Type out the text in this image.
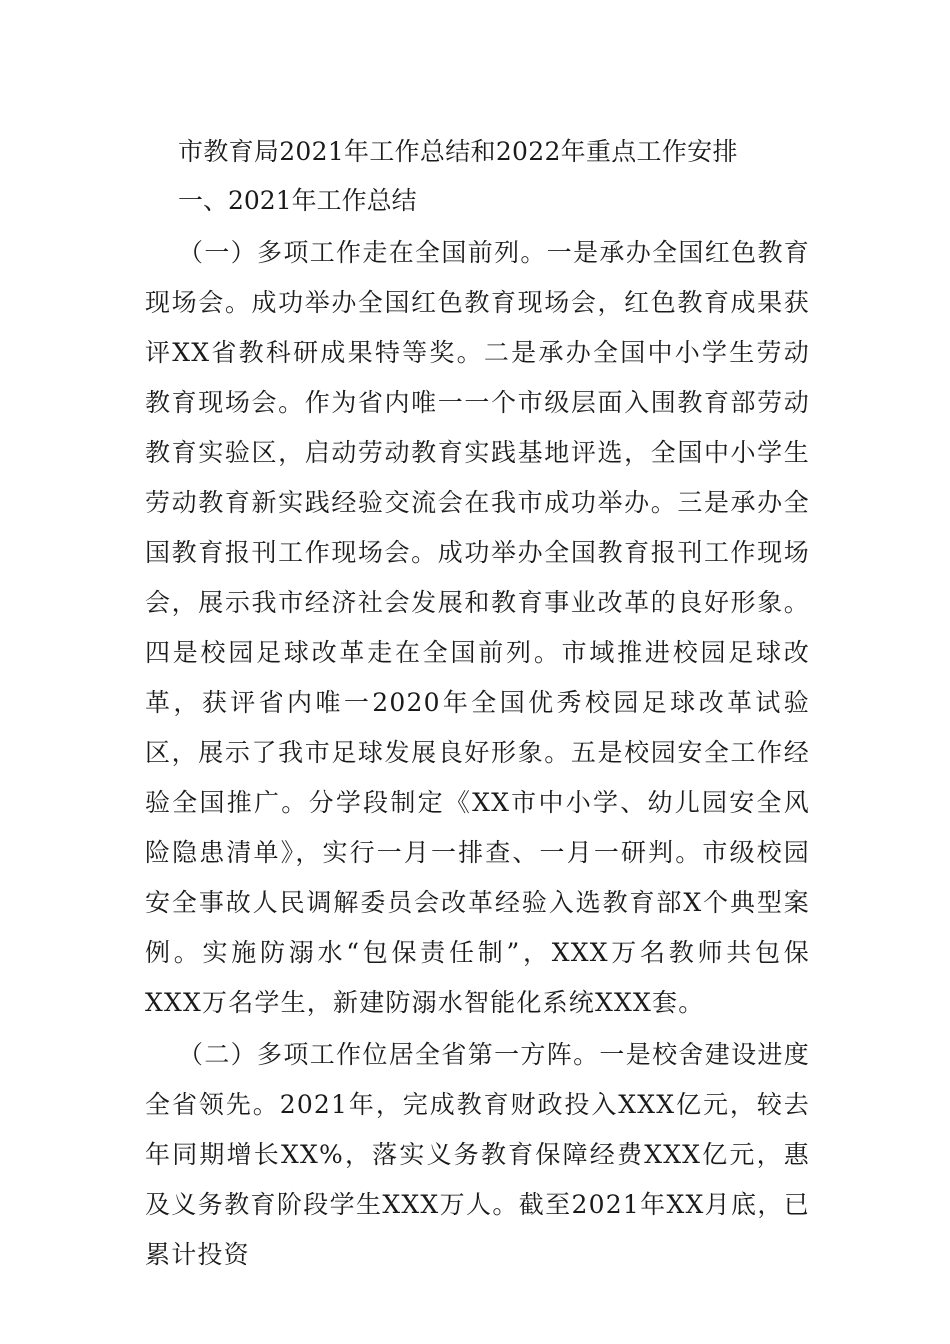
市教育局2021年工作总结和2022年重点工作安排
一、2021年工作总结

（一）多项工作走在全国前列。一是承办全国红色教育现场会。成功举办全国红色教育现场会，红色教育成果获评XX省教科研成果特等奖。二是承办全国中小学生劳动教育现场会。作为省内唯一一个市级层面入围教育部劳动教育实验区，启动劳动教育实践基地评选，全国中小学生劳动教育新实践经验交流会在我市成功举办。三是承办全国教育报刊工作现场会。成功举办全国教育报刊工作现场会，展示我市经济社会发展和教育事业改革的良好形象。四是校园足球改革走在全国前列。市域推进校园足球改革，获评省内唯一2020年全国优秀校园足球改革试验区，展示了我市足球发展良好形象。五是校园安全工作经验全国推广。分学段制定《XX市中小学、幼儿园安全风险隐患清单》，实行一月一排查、一月一研判。市级校园安全事故人民调解委员会改革经验入选教育部X个典型案例。实施防溺水“包保责任制”，XXX万名教师共包保XXX万名学生，新建防溺水智能化系统XXX套。

（二）多项工作位居全省第一方阵。一是校舍建设进度全省领先。2021年，完成教育财政投入XXX亿元，较去年同期增长XX%，落实义务教育保障经费XXX亿元，惠及义务教育阶段学生XXX万人。截至2021年XX月底，已累计投资
